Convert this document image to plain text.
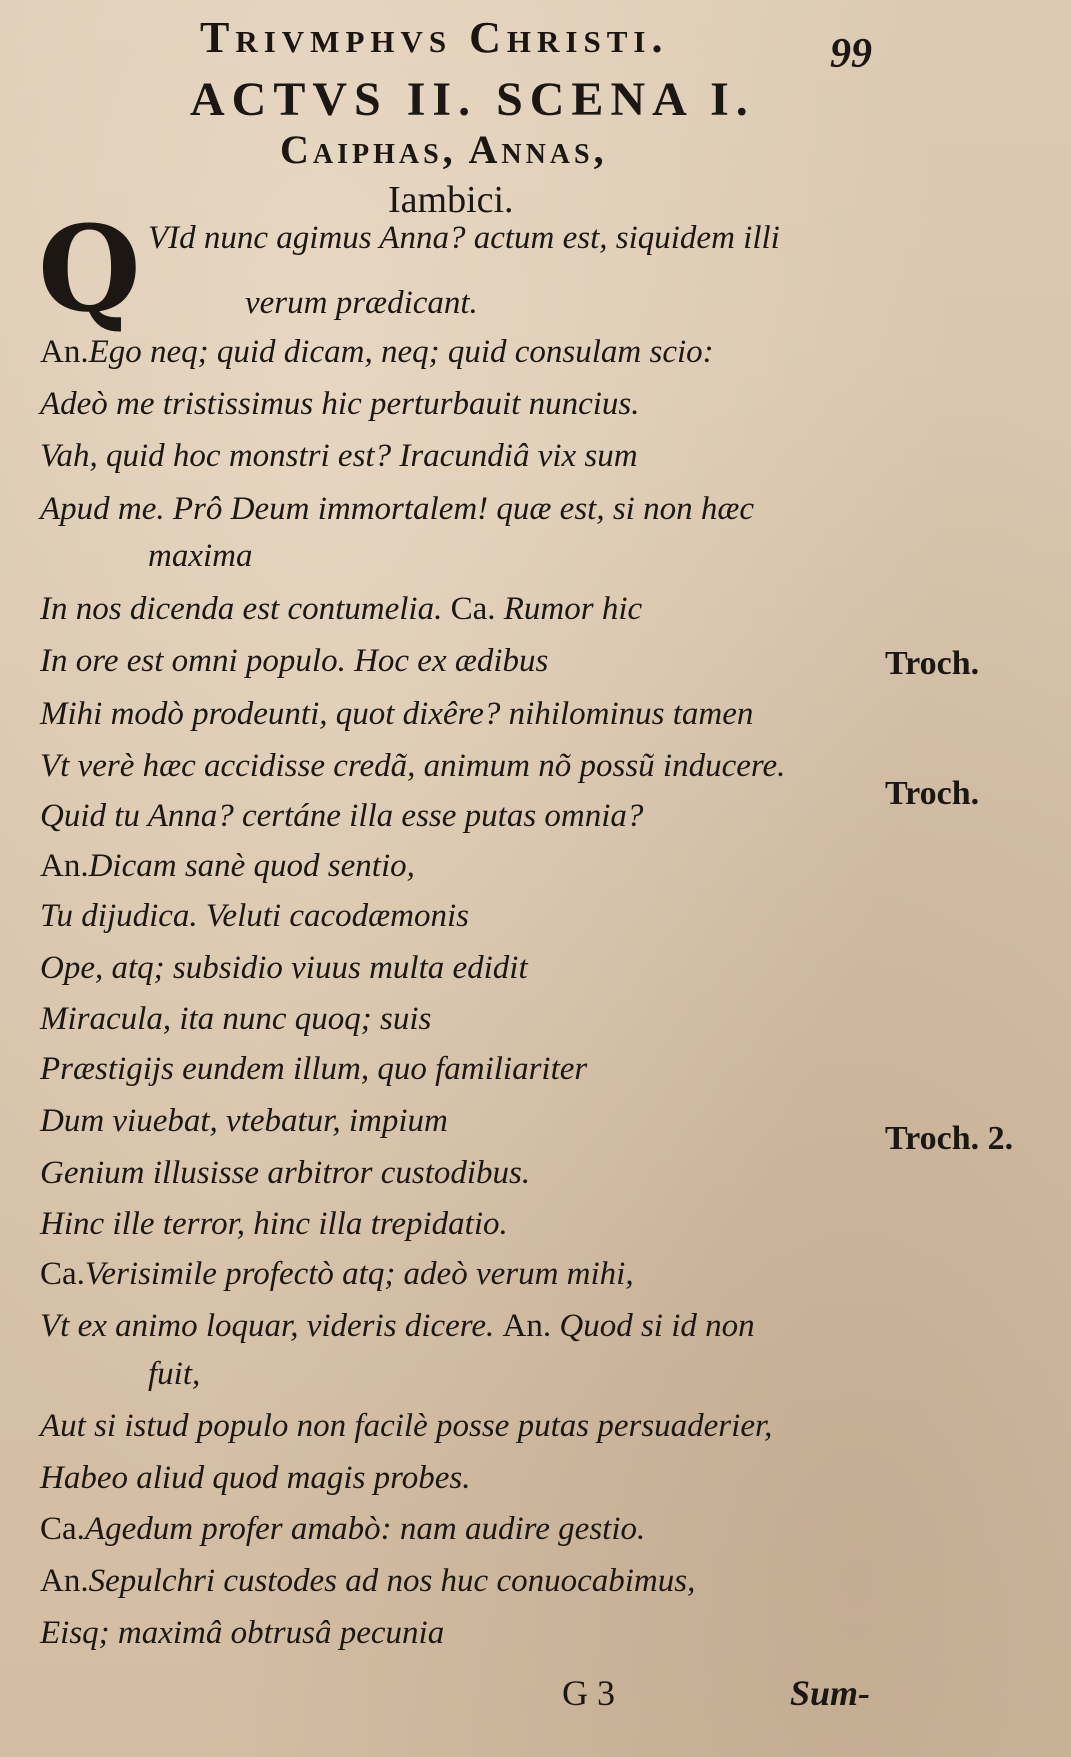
Trivmphvs Christi.	99
ACTVS II. SCENA I.
Caiphas, Annas,
Iambici.
Q VId nunc agimus Anna? actum est, siquidem illi
verum prædicant.
An.Ego neq; quid dicam, neq; quid consulam scio:
Adeò me tristissimus hic perturbauit nuncius.
Vah, quid hoc monstri est? Iracundiâ vix sum
Apud me. Prô Deum immortalem! quæ est, si non hæc
maxima
In nos dicenda est contumelia. Ca. Rumor hic
In ore est omni populo. Hoc ex ædibus
Mihi modò prodeunti, quot dixêre? nihilominus tamen
Vt verè hæc accidisse credã, animum nõ possũ inducere.
Quid tu Anna? certáne illa esse putas omnia?
An.Dicam sanè quod sentio,
Tu dijudica. Veluti cacodæmonis
Ope, atq; subsidio viuus multa edidit
Miracula, ita nunc quoq; suis
Præstigijs eundem illum, quo familiariter
Dum viuebat, vtebatur, impium
Genium illusisse arbitror custodibus.
Hinc ille terror, hinc illa trepidatio.
Ca.Verisimile profectò atq; adeò verum mihi,
Vt ex animo loquar, videris dicere. An. Quod si id non
fuit,
Aut si istud populo non facilè posse putas persuaderier,
Habeo aliud quod magis probes.
Ca.Agedum profer amabò: nam audire gestio.
An.Sepulchri custodes ad nos huc conuocabimus,
Eisq; maximâ obtrusâ pecunia
Troch.
Troch.
Troch. 2.
G 3	Sum-
